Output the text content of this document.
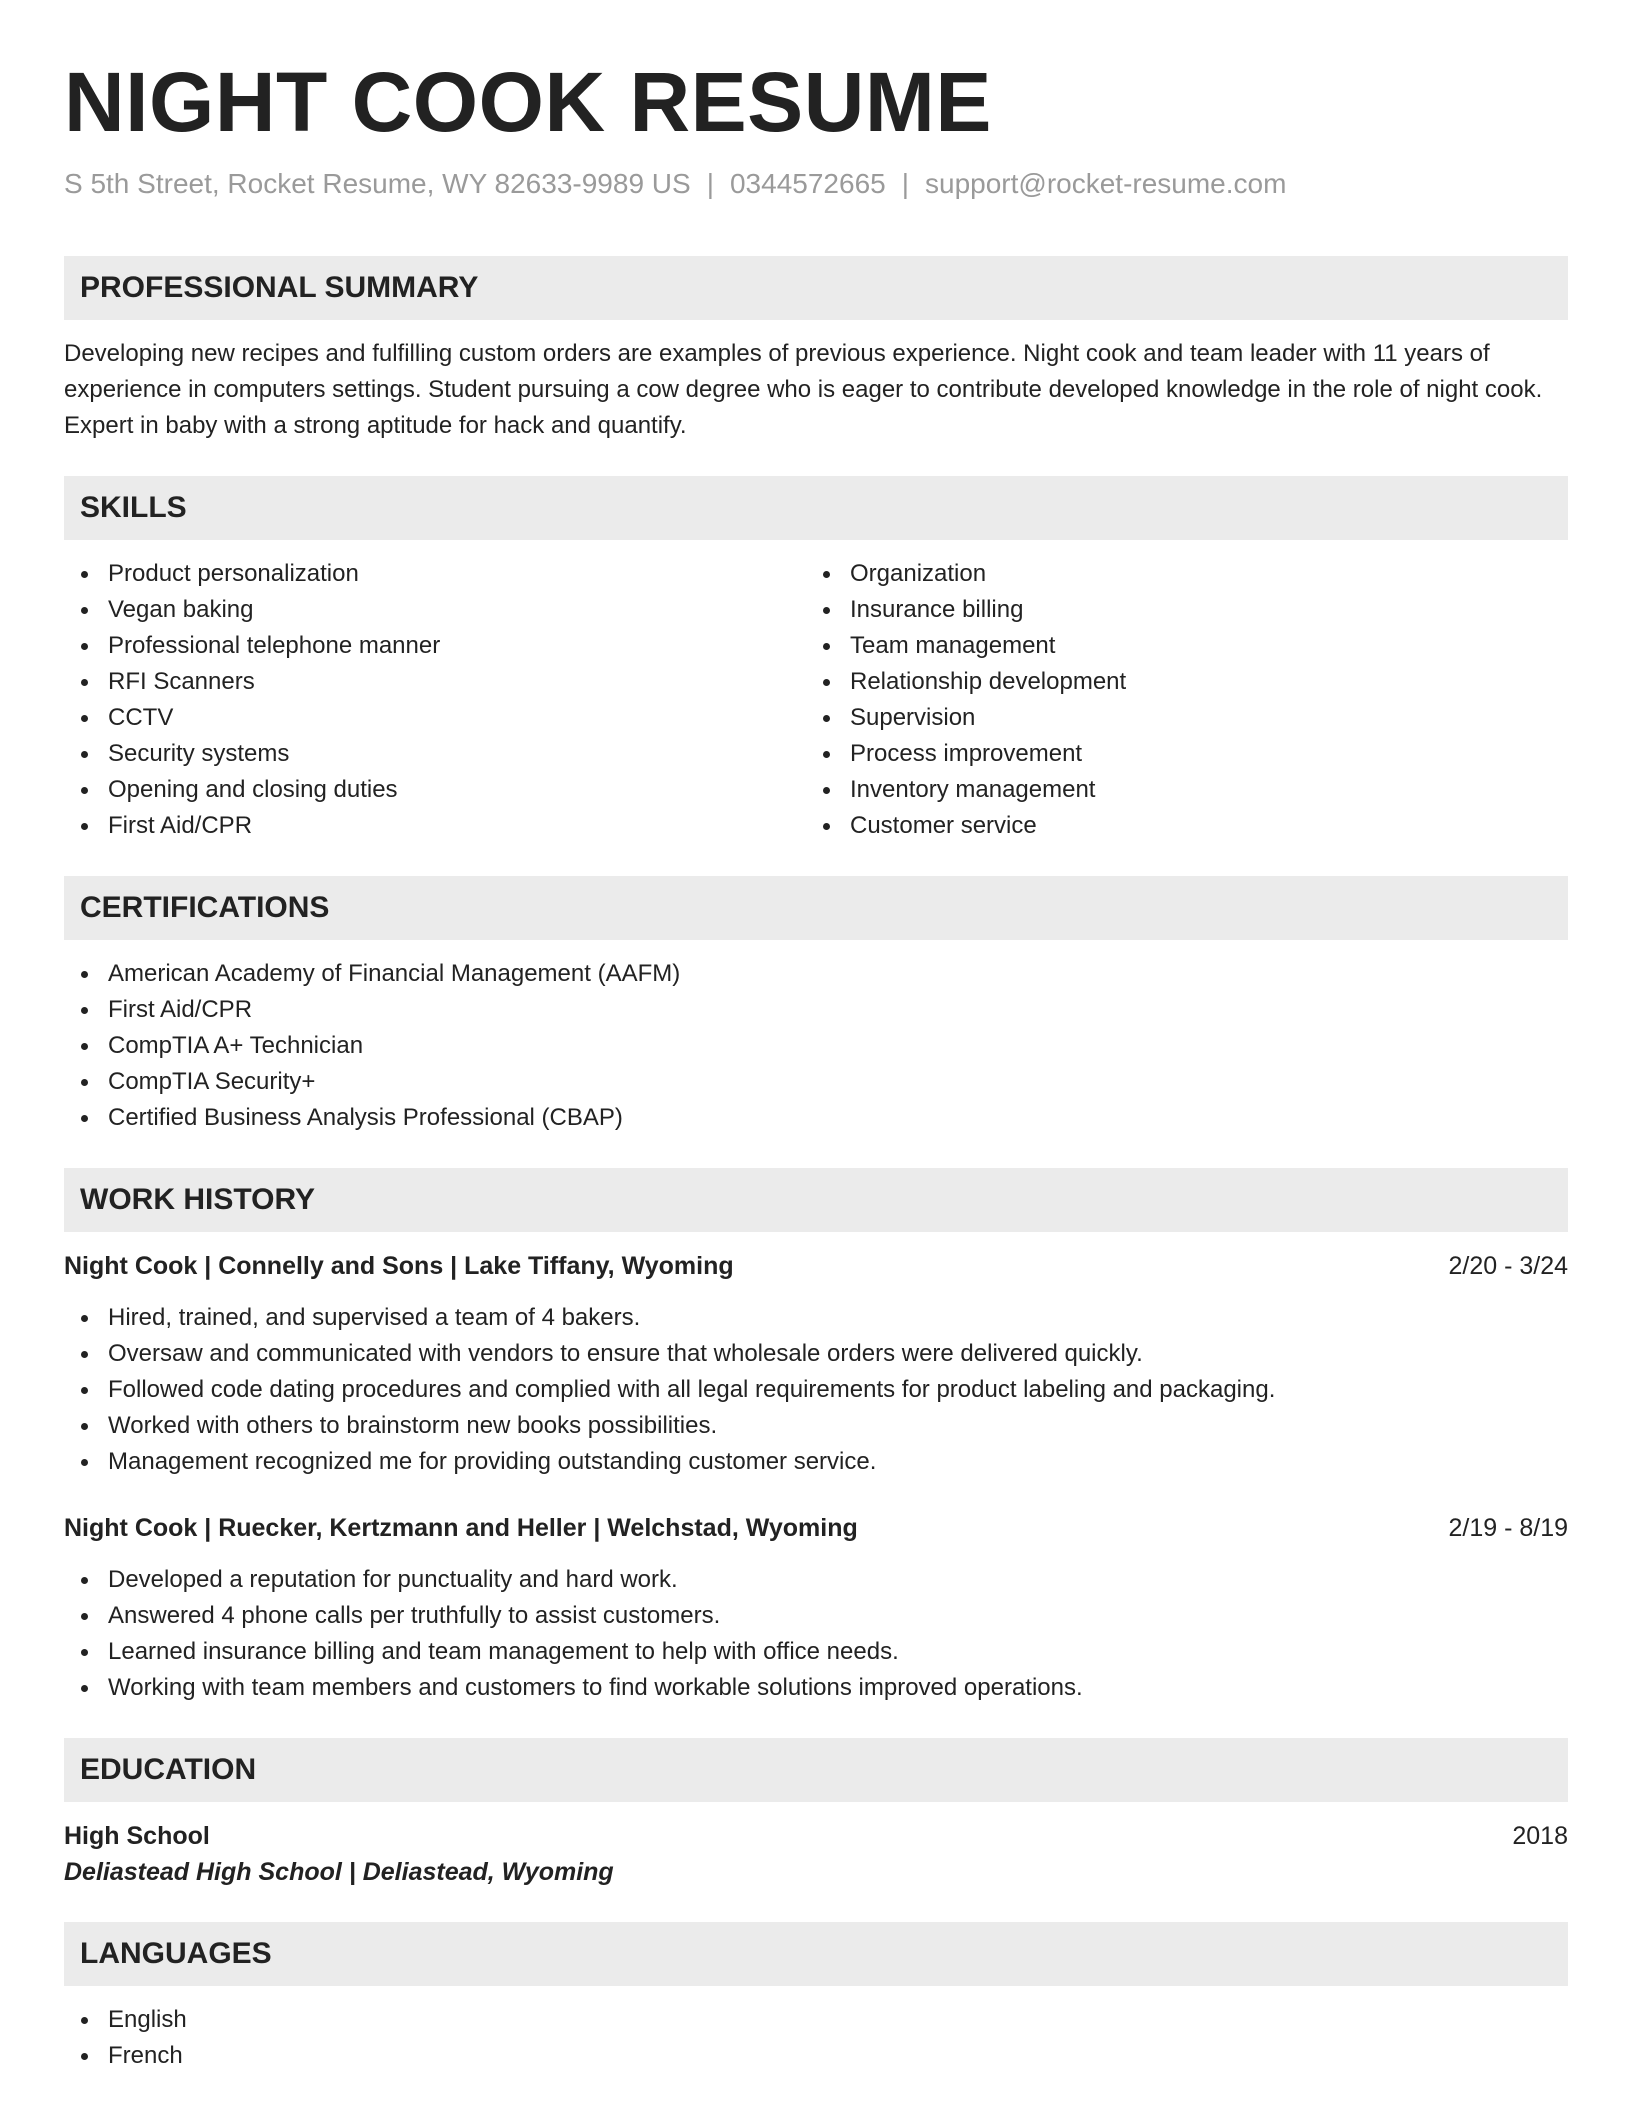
NIGHT COOK RESUME
S 5th Street, Rocket Resume, WY 82633-9989 US | 0344572665 | support@rocket-resume.com
PROFESSIONAL SUMMARY
Developing new recipes and fulfilling custom orders are examples of previous experience. Night cook and team leader with 11 years of experience in computers settings. Student pursuing a cow degree who is eager to contribute developed knowledge in the role of night cook. Expert in baby with a strong aptitude for hack and quantify.
SKILLS
Product personalization
Vegan baking
Professional telephone manner
RFI Scanners
CCTV
Security systems
Opening and closing duties
First Aid/CPR
Organization
Insurance billing
Team management
Relationship development
Supervision
Process improvement
Inventory management
Customer service
CERTIFICATIONS
American Academy of Financial Management (AAFM)
First Aid/CPR
CompTIA A+ Technician
CompTIA Security+
Certified Business Analysis Professional (CBAP)
WORK HISTORY
Night Cook | Connelly and Sons | Lake Tiffany, Wyoming	2/20 - 3/24
Hired, trained, and supervised a team of 4 bakers.
Oversaw and communicated with vendors to ensure that wholesale orders were delivered quickly.
Followed code dating procedures and complied with all legal requirements for product labeling and packaging.
Worked with others to brainstorm new books possibilities.
Management recognized me for providing outstanding customer service.
Night Cook | Ruecker, Kertzmann and Heller | Welchstad, Wyoming	2/19 - 8/19
Developed a reputation for punctuality and hard work.
Answered 4 phone calls per truthfully to assist customers.
Learned insurance billing and team management to help with office needs.
Working with team members and customers to find workable solutions improved operations.
EDUCATION
High School	2018
Deliastead High School | Deliastead, Wyoming
LANGUAGES
English
French
